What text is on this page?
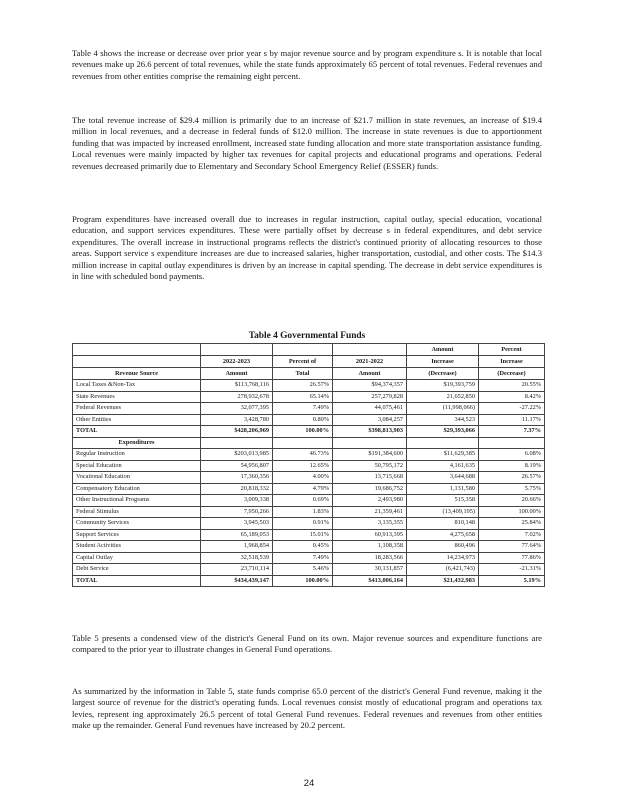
Table 4 shows the increase or decrease over prior year s by major revenue source and by program expenditure s. It is notable that local revenues make up 26.6 percent of total revenues, while the state funds approximately 65 percent of total revenues. Federal revenues and revenues from other entities comprise the remaining eight percent.

The total revenue increase of $29.4 million is primarily due to an increase of $21.7 million in state revenues, an increase of $19.4 million in local revenues, and a decrease in federal funds of $12.0 million. The increase in state revenues is due to apportionment funding that was impacted by increased enrollment, increased state funding allocation and more state transportation assistance funding. Local revenues were mainly impacted by higher tax revenues for capital projects and educational programs and operations. Federal revenues decreased primarily due to Elementary and Secondary School Emergency Relief (ESSER) funds.

Program expenditures have increased overall due to increases in regular instruction, capital outlay, special education, vocational education, and support services expenditures. These were partially offset by decrease s in federal expenditures, and debt service expenditures. The overall increase in instructional programs reflects the district's continued priority of allocating resources to those areas. Support service s expenditure increases are due to increased salaries, higher transportation, custodial, and other costs. The $14.3 million increase in capital outlay expenditures is driven by an increase in capital spending. The decrease in debt service expenditures is in line with scheduled bond payments.

Table 4 Governmental Funds
				Amount	Percent
	2022-2023	Percent of	2021-2022	Increase	Increase
Revenue Source	Amount	Total	Amount	(Decrease)	(Decrease)
Local Taxes &Non-Tax	$113,768,116	26.57%	$94,374,357	$19,393,759	20.55%
State Revenues	278,932,678	65.14%	257,279,828	21,652,850	8.42%
Federal Revenues	32,077,395	7.49%	44,075,461	(11,998,066)	-27.22%
Other Entities	3,428,780	0.80%	3,084,257	344,523	11.17%
TOTAL	$428,206,969	100.00%	$398,813,903	$29,393,066	7.37%
Expenditures					
Regular Instruction	$203,013,985	46.73%	$191,384,600	$11,629,385	6.08%
Special Education	54,956,807	12.65%	50,795,172	4,161,635	8.19%
Vocational Education	17,360,356	4.00%	13,715,668	3,644,688	26.57%
Compensatory Education	20,818,332	4.79%	19,686,752	1,131,580	5.75%
Other Instructional Programs	3,009,338	0.69%	2,493,980	515,358	20.66%
Federal Stimulus	7,950,266	1.83%	21,359,461	(13,409,195)	100.00%
Community Services	3,945,503	0.91%	3,135,355	810,148	25.84%
Support Services	65,189,053	15.01%	60,913,395	4,275,658	7.02%
Student Activities	1,968,854	0.45%	1,108,358	860,496	77.64%
Capital Outlay	32,518,539	7.49%	18,283,566	14,234,973	77.86%
Debt Service	23,710,114	5.46%	30,131,857	(6,421,743)	-21.31%
TOTAL	$434,439,147	100.00%	$413,006,164	$21,432,983	5.19%

Table 5 presents a condensed view of the district's General Fund on its own. Major revenue sources and expenditure functions are compared to the prior year to illustrate changes in General Fund operations.

As summarized by the information in Table 5, state funds comprise 65.0 percent of the district's General Fund revenue, making it the largest source of revenue for the district's operating funds. Local revenues consist mostly of educational program and operations tax levies, represent ing approximately 26.5 percent of total General Fund revenues. Federal revenues and revenues from other entities make up the remainder. General Fund revenues have increased by 20.2 percent.

24
